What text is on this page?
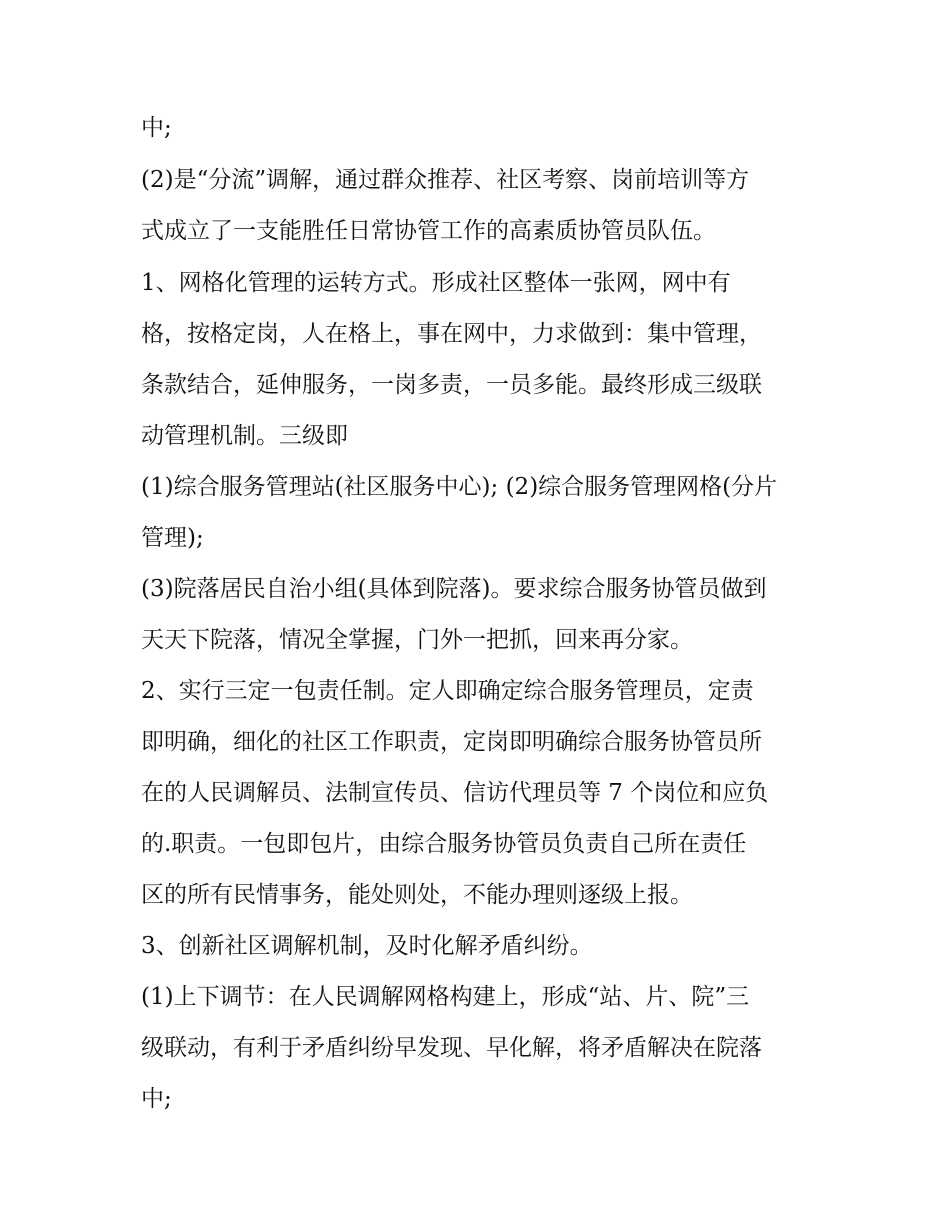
中;
(2)是“分流”调解，通过群众推荐、社区考察、岗前培训等方
式成立了一支能胜任日常协管工作的高素质协管员队伍。
1、网格化管理的运转方式。形成社区整体一张网，网中有
格，按格定岗，人在格上，事在网中，力求做到：集中管理，
条款结合，延伸服务，一岗多责，一员多能。最终形成三级联
动管理机制。三级即
(1)综合服务管理站(社区服务中心); (2)综合服务管理网格(分片
管理);
(3)院落居民自治小组(具体到院落)。要求综合服务协管员做到
天天下院落，情况全掌握，门外一把抓，回来再分家。
2、实行三定一包责任制。定人即确定综合服务管理员，定责
即明确，细化的社区工作职责，定岗即明确综合服务协管员所
在的人民调解员、法制宣传员、信访代理员等 7 个岗位和应负
的.职责。一包即包片，由综合服务协管员负责自己所在责任
区的所有民情事务，能处则处，不能办理则逐级上报。
3、创新社区调解机制，及时化解矛盾纠纷。
(1)上下调节：在人民调解网格构建上，形成“站、片、院”三
级联动，有利于矛盾纠纷早发现、早化解，将矛盾解决在院落
中;
